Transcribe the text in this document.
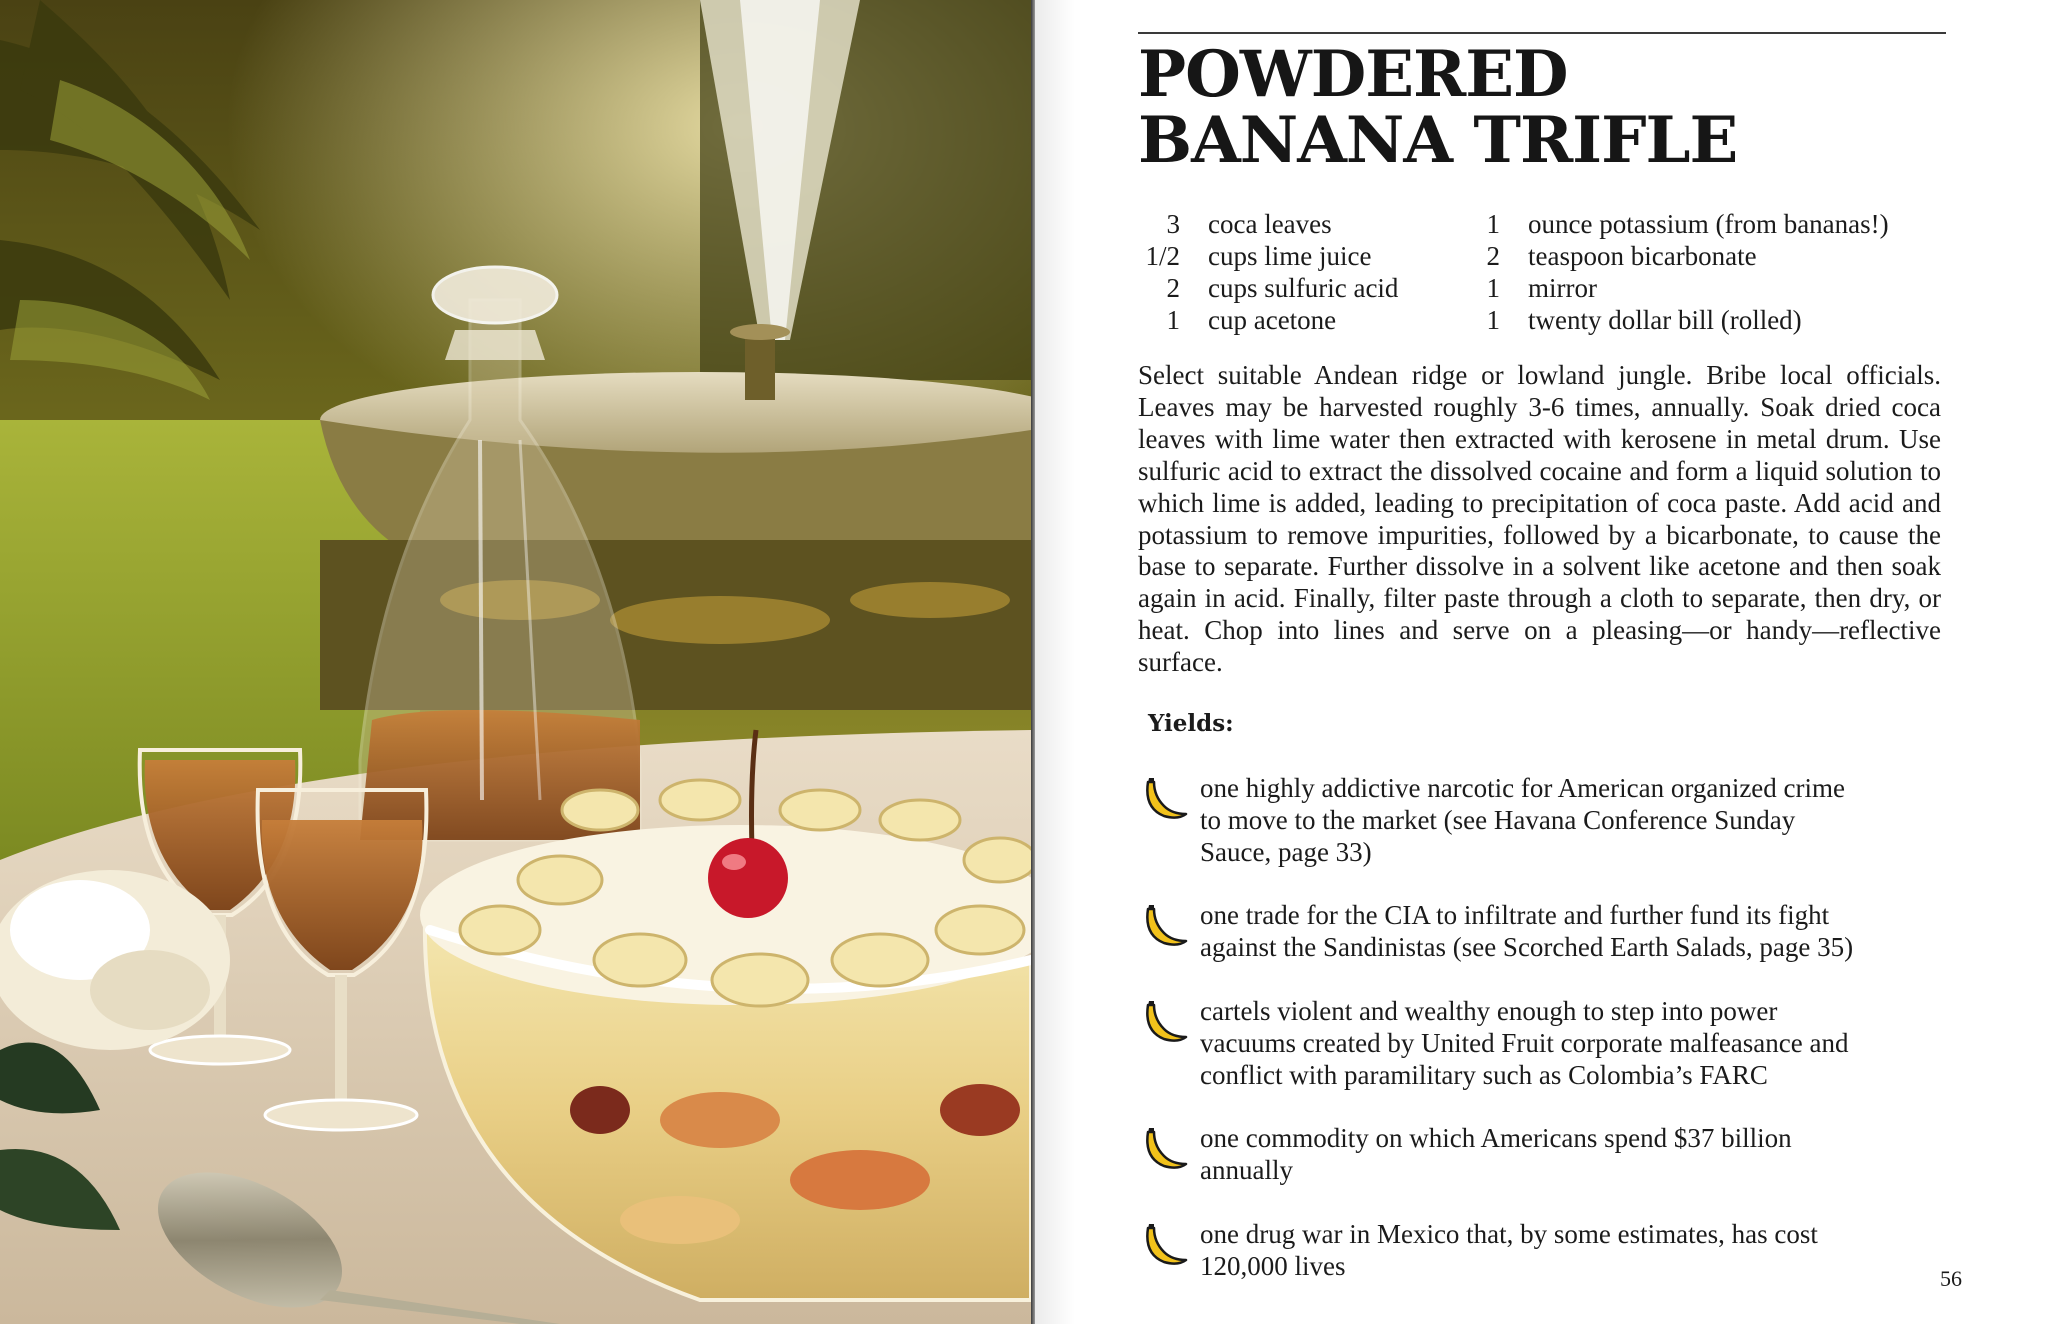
POWDERED
BANANA TRIFLE
3 coca leaves
1/2 cups lime juice
2 cups sulfuric acid
1 cup acetone
1 ounce potassium (from bananas!)
2 teaspoon bicarbonate
1 mirror
1 twenty dollar bill (rolled)

Select suitable Andean ridge or lowland jungle. Bribe local officials. Leaves may be harvested roughly 3-6 times, annually. Soak dried coca leaves with lime water then extracted with kerosene in metal drum. Use sulfuric acid to extract the dissolved cocaine and form a liquid solution to which lime is added, leading to precipitation of coca paste. Add acid and potassium to remove impurities, followed by a bicarbonate, to cause the base to separate. Further dissolve in a solvent like acetone and then soak again in acid. Finally, filter paste through a cloth to separate, then dry, or heat. Chop into lines and serve on a pleasing—or handy—reflective surface.

Yields:
one highly addictive narcotic for American organized crime
to move to the market (see Havana Conference Sunday
Sauce, page 33)
one trade for the CIA to infiltrate and further fund its fight
against the Sandinistas (see Scorched Earth Salads, page 35)
cartels violent and wealthy enough to step into power
vacuums created by United Fruit corporate malfeasance and
conflict with paramilitary such as Colombia’s FARC
one commodity on which Americans spend $37 billion
annually
one drug war in Mexico that, by some estimates, has cost
120,000 lives	56
